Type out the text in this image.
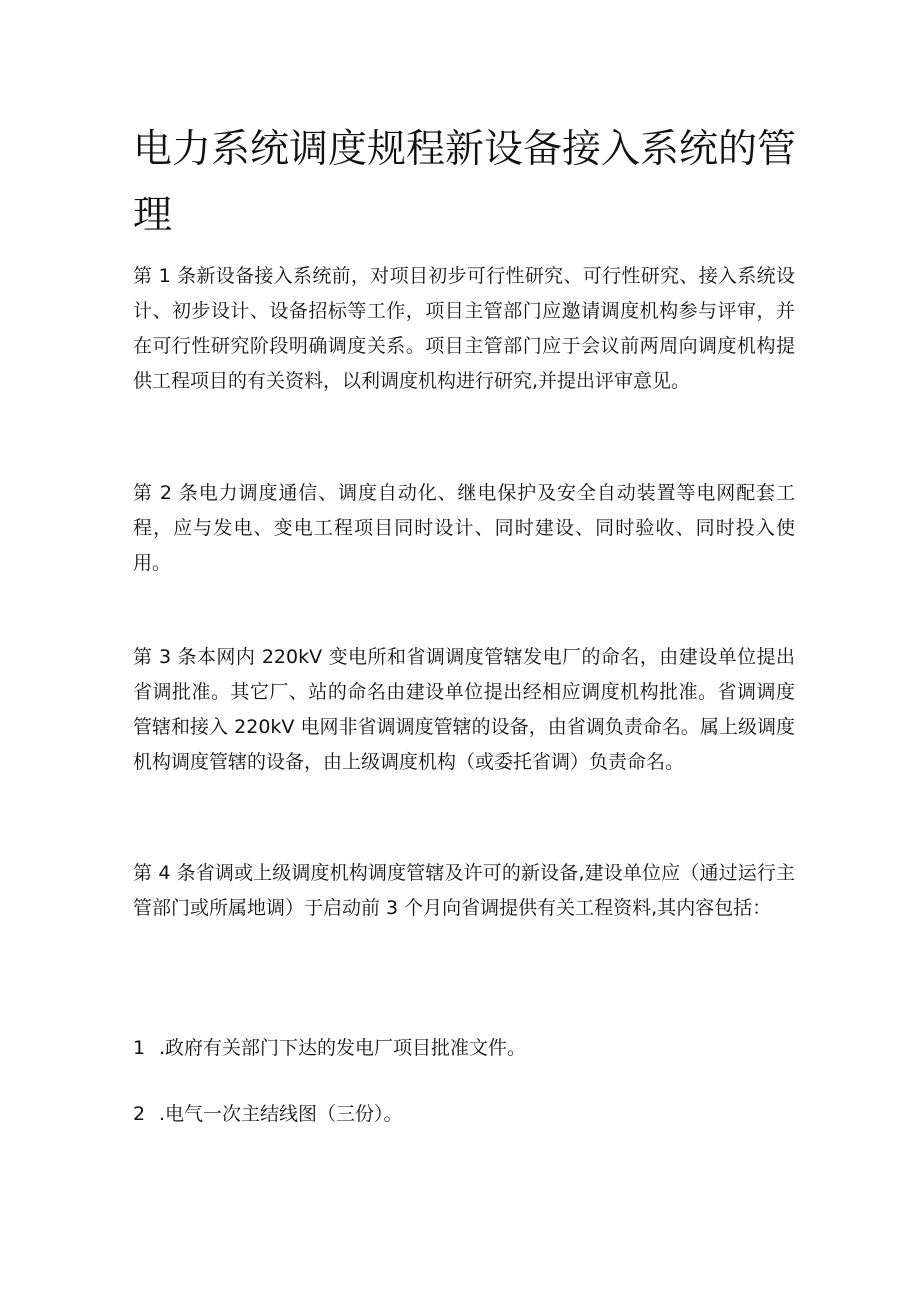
电力系统调度规程新设备接入系统的管理

第 1 条新设备接入系统前，对项目初步可行性研究、可行性研究、接入系统设计、初步设计、设备招标等工作，项目主管部门应邀请调度机构参与评审，并在可行性研究阶段明确调度关系。项目主管部门应于会议前两周向调度机构提供工程项目的有关资料，以利调度机构进行研究,并提出评审意见。

第 2 条电力调度通信、调度自动化、继电保护及安全自动装置等电网配套工程，应与发电、变电工程项目同时设计、同时建设、同时验收、同时投入使用。

第 3 条本网内 220kV 变电所和省调调度管辖发电厂的命名，由建设单位提出省调批准。其它厂、站的命名由建设单位提出经相应调度机构批准。省调调度管辖和接入 220kV 电网非省调调度管辖的设备，由省调负责命名。属上级调度机构调度管辖的设备，由上级调度机构（或委托省调）负责命名。

第 4 条省调或上级调度机构调度管辖及许可的新设备,建设单位应（通过运行主管部门或所属地调）于启动前 3 个月向省调提供有关工程资料,其内容包括：

1 .政府有关部门下达的发电厂项目批准文件。

2 .电气一次主结线图（三份）。
